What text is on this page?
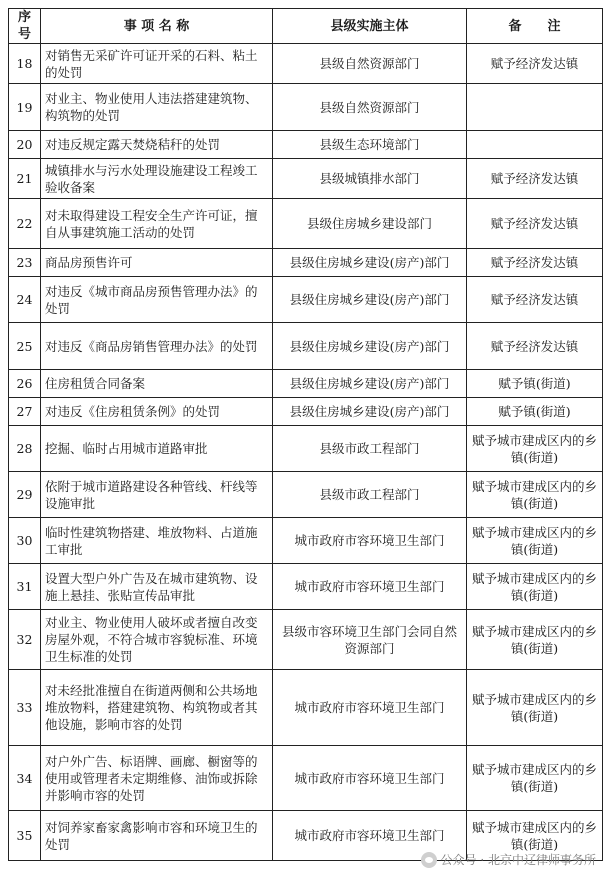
序号	事 项 名 称	县级实施主体	备　　注
18	对销售无采矿许可证开采的石料、粘土的处罚	县级自然资源部门	赋予经济发达镇
19	对业主、物业使用人违法搭建建筑物、构筑物的处罚	县级自然资源部门	
20	对违反规定露天焚烧秸秆的处罚	县级生态环境部门	
21	城镇排水与污水处理设施建设工程竣工验收备案	县级城镇排水部门	赋予经济发达镇
22	对未取得建设工程安全生产许可证，擅自从事建筑施工活动的处罚	县级住房城乡建设部门	赋予经济发达镇
23	商品房预售许可	县级住房城乡建设(房产)部门	赋予经济发达镇
24	对违反《城市商品房预售管理办法》的处罚	县级住房城乡建设(房产)部门	赋予经济发达镇
25	对违反《商品房销售管理办法》的处罚	县级住房城乡建设(房产)部门	赋予经济发达镇
26	住房租赁合同备案	县级住房城乡建设(房产)部门	赋予镇(街道)
27	对违反《住房租赁条例》的处罚	县级住房城乡建设(房产)部门	赋予镇(街道)
28	挖掘、临时占用城市道路审批	县级市政工程部门	赋予城市建成区内的乡镇(街道)
29	依附于城市道路建设各种管线、杆线等设施审批	县级市政工程部门	赋予城市建成区内的乡镇(街道)
30	临时性建筑物搭建、堆放物料、占道施工审批	城市政府市容环境卫生部门	赋予城市建成区内的乡镇(街道)
31	设置大型户外广告及在城市建筑物、设施上悬挂、张贴宣传品审批	城市政府市容环境卫生部门	赋予城市建成区内的乡镇(街道)
32	对业主、物业使用人破坏或者擅自改变房屋外观，不符合城市容貌标准、环境卫生标准的处罚	县级市容环境卫生部门会同自然资源部门	赋予城市建成区内的乡镇(街道)
33	对未经批准擅自在街道两侧和公共场地堆放物料，搭建建筑物、构筑物或者其他设施，影响市容的处罚	城市政府市容环境卫生部门	赋予城市建成区内的乡镇(街道)
34	对户外广告、标语牌、画廊、橱窗等的使用或管理者未定期维修、油饰或拆除并影响市容的处罚	城市政府市容环境卫生部门	赋予城市建成区内的乡镇(街道)
35	对饲养家畜家禽影响市容和环境卫生的处罚	城市政府市容环境卫生部门	赋予城市建成区内的乡镇(街道)
公众号 · 北京中辽律师事务所
